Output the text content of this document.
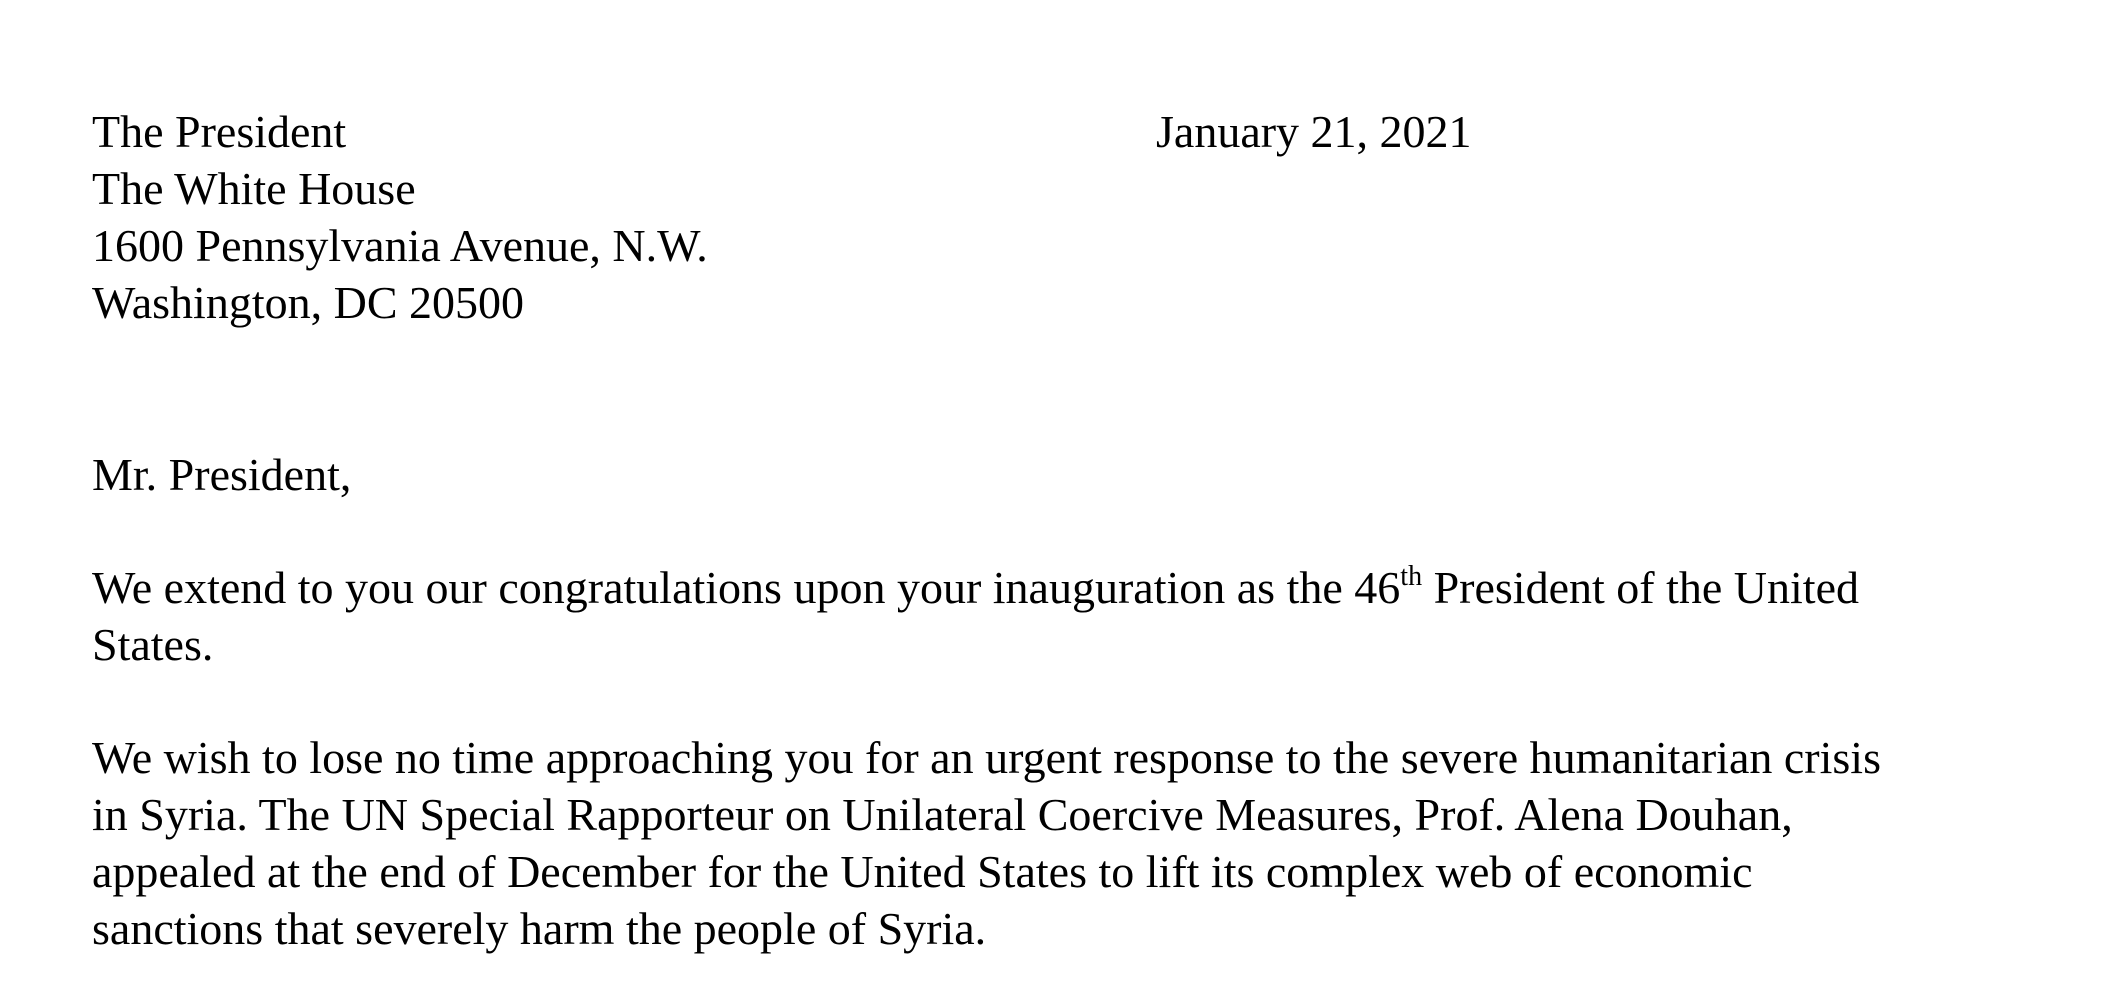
The President
The White House
1600 Pennsylvania Avenue, N.W.
Washington, DC 20500
January 21, 2021
Mr. President,
We extend to you our congratulations upon your inauguration as the 46th President of the United
States.
We wish to lose no time approaching you for an urgent response to the severe humanitarian crisis
in Syria. The UN Special Rapporteur on Unilateral Coercive Measures, Prof. Alena Douhan,
appealed at the end of December for the United States to lift its complex web of economic
sanctions that severely harm the people of Syria.
